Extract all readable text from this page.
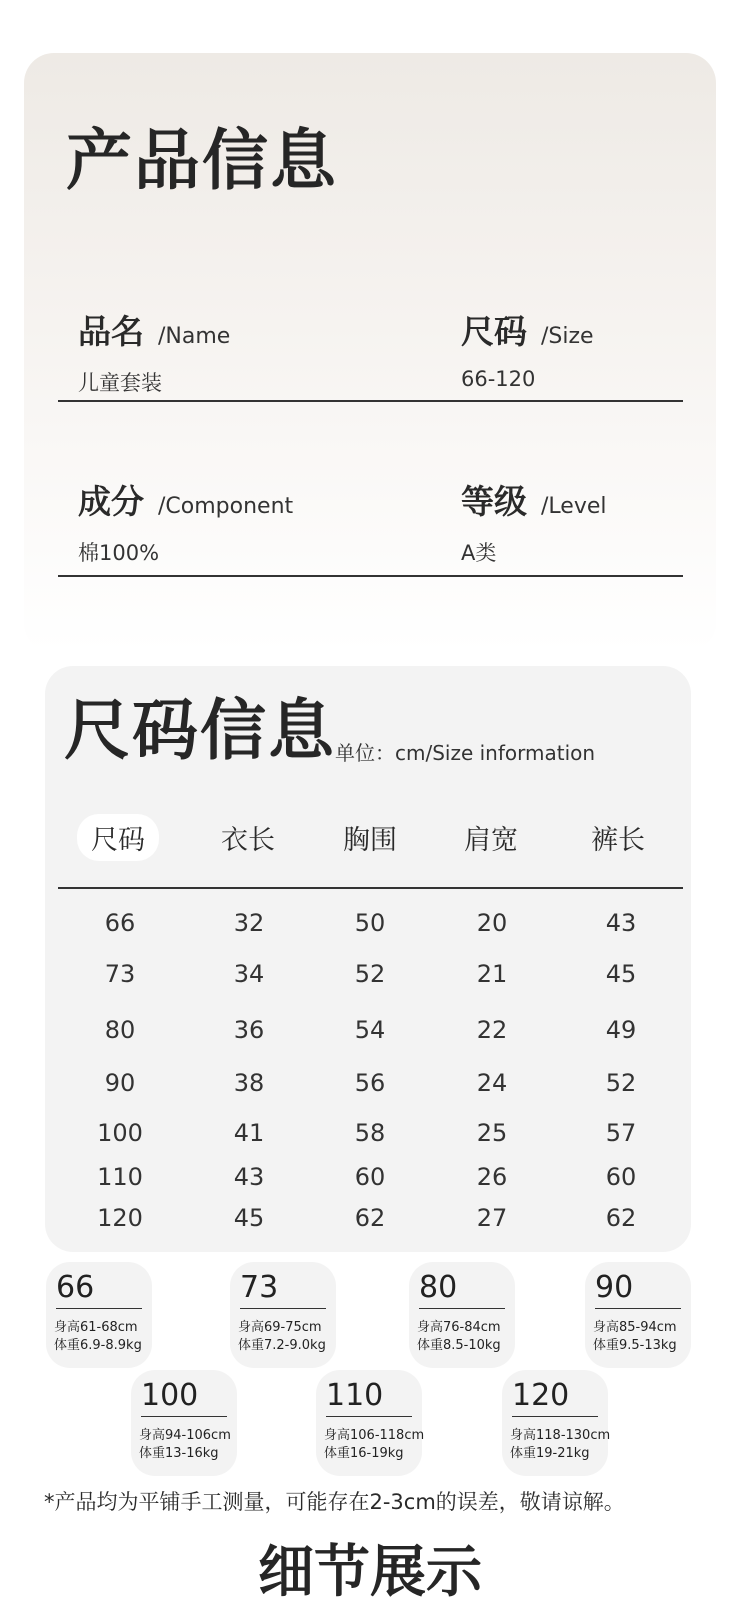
产品信息
品名 /Name
儿童套装
尺码 /Size
66-120
成分 /Component
棉100%
等级 /Level
A类
尺码信息 单位：cm/Size information
尺码	衣长	胸围 肩宽	裤长
66	32	50	20	43
73	34	52	21	45
80	36	54	22	49
90	38	56	24	52
100	41	58	25	57
110	43	60	26	60
120	45	62	27	62
66
身高61-68cm
体重6.9-8.9kg
73
身高69-75cm
体重7.2-9.0kg
80
身高76-84cm
体重8.5-10kg
90
身高85-94cm
体重9.5-13kg
100
身高94-106cm
体重13-16kg
110
身高106-118cm
体重16-19kg
120
身高118-130cm
体重19-21kg
*产品均为平铺手工测量，可能存在2-3cm的误差，敬请谅解。
细节展示
